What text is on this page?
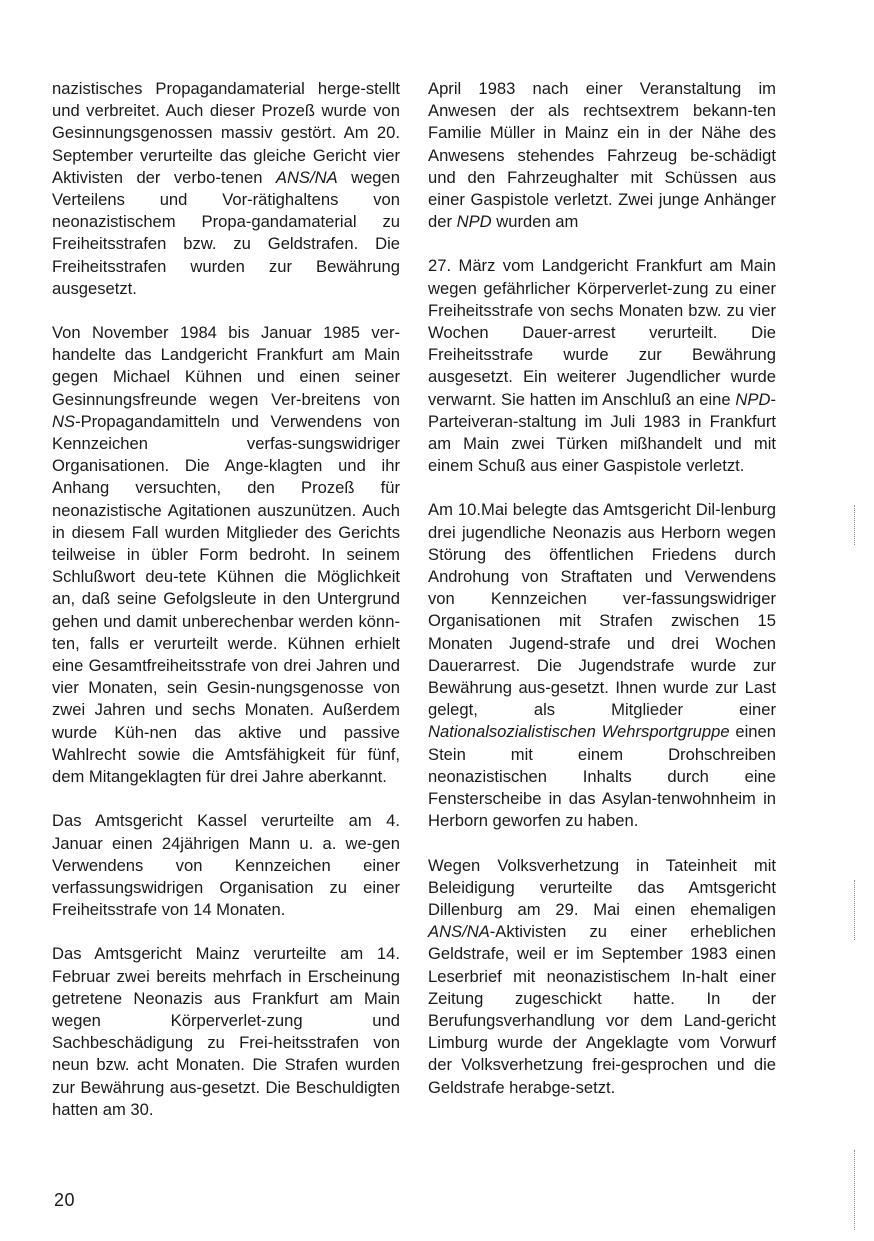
nazistisches Propagandamaterial herge-stellt und verbreitet. Auch dieser Prozeß wurde von Gesinnungsgenossen massiv gestört. Am 20. September verurteilte das gleiche Gericht vier Aktivisten der verbo-tenen ANS/NA wegen Verteilens und Vor-rätighaltens von neonazistischem Propa-gandamaterial zu Freiheitsstrafen bzw. zu Geldstrafen. Die Freiheitsstrafen wurden zur Bewährung ausgesetzt.

Von November 1984 bis Januar 1985 ver-handelte das Landgericht Frankfurt am Main gegen Michael Kühnen und einen seiner Gesinnungsfreunde wegen Ver-breitens von NS-Propagandamitteln und Verwendens von Kennzeichen verfas-sungswidriger Organisationen. Die Ange-klagten und ihr Anhang versuchten, den Prozeß für neonazistische Agitationen auszunützen. Auch in diesem Fall wurden Mitglieder des Gerichts teilweise in übler Form bedroht. In seinem Schlußwort deu-tete Kühnen die Möglichkeit an, daß seine Gefolgsleute in den Untergrund gehen und damit unberechenbar werden könn-ten, falls er verurteilt werde. Kühnen erhielt eine Gesamtfreiheitsstrafe von drei Jahren und vier Monaten, sein Gesin-nungsgenosse von zwei Jahren und sechs Monaten. Außerdem wurde Küh-nen das aktive und passive Wahlrecht sowie die Amtsfähigkeit für fünf, dem Mitangeklagten für drei Jahre aberkannt.

Das Amtsgericht Kassel verurteilte am 4. Januar einen 24jährigen Mann u. a. we-gen Verwendens von Kennzeichen einer verfassungswidrigen Organisation zu einer Freiheitsstrafe von 14 Monaten.

Das Amtsgericht Mainz verurteilte am 14. Februar zwei bereits mehrfach in Erscheinung getretene Neonazis aus Frankfurt am Main wegen Körperverlet-zung und Sachbeschädigung zu Frei-heitsstrafen von neun bzw. acht Monaten. Die Strafen wurden zur Bewährung aus-gesetzt. Die Beschuldigten hatten am 30.

April 1983 nach einer Veranstaltung im Anwesen der als rechtsextrem bekann-ten Familie Müller in Mainz ein in der Nähe des Anwesens stehendes Fahrzeug be-schädigt und den Fahrzeughalter mit Schüssen aus einer Gaspistole verletzt. Zwei junge Anhänger der NPD wurden am

27. März vom Landgericht Frankfurt am Main wegen gefährlicher Körperverlet-zung zu einer Freiheitsstrafe von sechs Monaten bzw. zu vier Wochen Dauer-arrest verurteilt. Die Freiheitsstrafe wurde zur Bewährung ausgesetzt. Ein weiterer Jugendlicher wurde verwarnt. Sie hatten im Anschluß an eine NPD-Parteiveran-staltung im Juli 1983 in Frankfurt am Main zwei Türken mißhandelt und mit einem Schuß aus einer Gaspistole verletzt.

Am 10.Mai belegte das Amtsgericht Dil-lenburg drei jugendliche Neonazis aus Herborn wegen Störung des öffentlichen Friedens durch Androhung von Straftaten und Verwendens von Kennzeichen ver-fassungswidriger Organisationen mit Strafen zwischen 15 Monaten Jugend-strafe und drei Wochen Dauerarrest. Die Jugendstrafe wurde zur Bewährung aus-gesetzt. Ihnen wurde zur Last gelegt, als Mitglieder einer Nationalsozialistischen Wehrsportgruppe einen Stein mit einem Drohschreiben neonazistischen Inhalts durch eine Fensterscheibe in das Asylan-tenwohnheim in Herborn geworfen zu haben.

Wegen Volksverhetzung in Tateinheit mit Beleidigung verurteilte das Amtsgericht Dillenburg am 29. Mai einen ehemaligen ANS/NA-Aktivisten zu einer erheblichen Geldstrafe, weil er im September 1983 einen Leserbrief mit neonazistischem In-halt einer Zeitung zugeschickt hatte. In der Berufungsverhandlung vor dem Land-gericht Limburg wurde der Angeklagte vom Vorwurf der Volksverhetzung frei-gesprochen und die Geldstrafe herabge-setzt.

20
